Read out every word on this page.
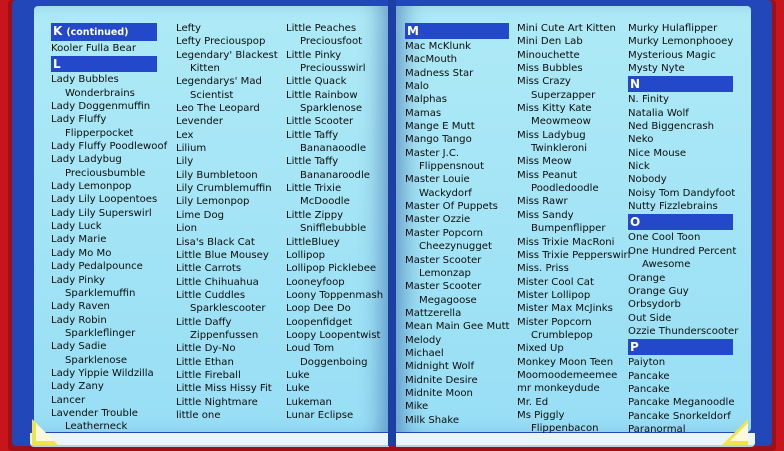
K (continued)
Kooler Fulla Bear
L
Lady Bubbles
Wonderbrains
Lady Doggenmuffin
Lady Fluffy
Flipperpocket
Lady Fluffy Poodlewoof
Lady Ladybug
Preciousbumble
Lady Lemonpop
Lady Lily Loopentoes
Lady Lily Superswirl
Lady Luck
Lady Marie
Lady Mo Mo
Lady Pedalpounce
Lady Pinky
Sparklemuffin
Lady Raven
Lady Robin
Sparkleflinger
Lady Sadie
Sparklenose
Lady Yippie Wildzilla
Lady Zany
Lancer
Lavender Trouble
Leatherneck
Lefty
Lefty Preciouspop
Legendary' Blackest
Kitten
Legendarys' Mad
Scientist
Leo The Leopard
Levender
Lex
Lilium
Lily
Lily Bumbletoon
Lily Crumblemuffin
Lily Lemonpop
Lime Dog
Lion
Lisa's Black Cat
Little Blue Mousey
Little Carrots
Little Chihuahua
Little Cuddles
Sparklescooter
Little Daffy
Zippenfussen
Little Dy-No
Little Ethan
Little Fireball
Little Miss Hissy Fit
Little Nightmare
little one
Little Peaches
Preciousfoot
Little Pinky
Preciousswirl
Little Quack
Little Rainbow
Sparklenose
Little Scooter
Little Taffy
Bananaoodle
Little Taffy
Bananaroodle
Little Trixie
McDoodle
Little Zippy
Snifflebubble
LittleBluey
Lollipop
Lollipop Picklebee
Looneyfoop
Loony Toppenmash
Loop Dee Do
Loopenfidget
Loopy Loopentwist
Loud Tom
Doggenboing
Luke
Luke
Lukeman
Lunar Eclipse
M
Mac McKlunk
MacMouth
Madness Star
Malo
Malphas
Mamas
Mange E Mutt
Mango Tango
Master J.C.
Flippensnout
Master Louie
Wackydorf
Master Of Puppets
Master Ozzie
Master Popcorn
Cheezynugget
Master Scooter
Lemonzap
Master Scooter
Megagoose
Mattzerella
Mean Main Gee Mutt
Melody
Michael
Midnight Wolf
Midnite Desire
Midnite Moon
Mike
Milk Shake
Mini Cute Art Kitten
Mini Den Lab
Minouchette
Miss Bubbles
Miss Crazy
Superzapper
Miss Kitty Kate
Meowmeow
Miss Ladybug
Twinkleroni
Miss Meow
Miss Peanut
Poodledoodle
Miss Rawr
Miss Sandy
Bumpenflipper
Miss Trixie MacRoni
Miss Trixie Pepperswirl
Miss. Priss
Mister Cool Cat
Mister Lollipop
Mister Max McJinks
Mister Popcorn
Crumblepop
Mixed Up
Monkey Moon Teen
Moomoodemeemee
mr monkeydude
Mr. Ed
Ms Piggly
Flippenbacon
Murky Hulaflipper
Murky Lemonphooey
Mysterious Magic
Mysty Nyte
N
N. Finity
Natalia Wolf
Ned Biggencrash
Neko
Nice Mouse
Nick
Nobody
Noisy Tom Dandyfoot
Nutty Fizzlebrains
O
One Cool Toon
One Hundred Percent
Awesome
Orange
Orange Guy
Orbsydorb
Out Side
Ozzie Thunderscooter
P
Paiyton
Pancake
Pancake
Pancake Meganoodle
Pancake Snorkeldorf
Paranormal
